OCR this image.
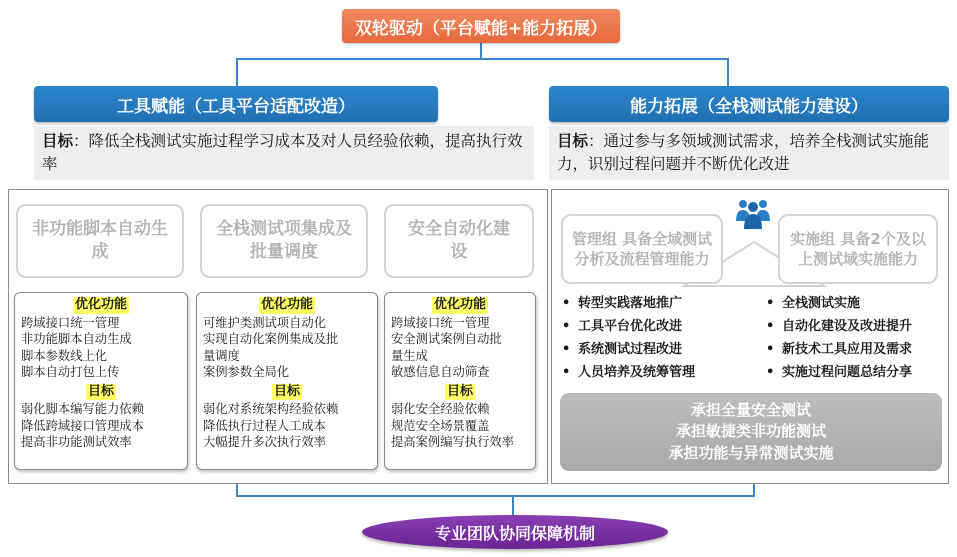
双轮驱动（平台赋能+能力拓展）
工具赋能（工具平台适配改造）
目标：降低全栈测试实施过程学习成本及对人员经验依赖，提高执行效率
非功能脚本自动生成
全栈测试项集成及批量调度
安全自动化建设
优化功能
跨域接口统一管理
非功能脚本自动生成
脚本参数线上化
脚本自动打包上传
目标
弱化脚本编写能力依赖
降低跨域接口管理成本
提高非功能测试效率
优化功能
可维护类测试项自动化
实现自动化案例集成及批
量调度
案例参数全局化
目标
弱化对系统架构经验依赖
降低执行过程人工成本
大幅提升多次执行效率
优化功能
跨域接口统一管理
安全测试案例自动批
量生成
敏感信息自动筛查
目标
弱化安全经验依赖
规范安全场景覆盖
提高案例编写执行效率
能力拓展（全栈测试能力建设）
目标：通过参与多领域测试需求，培养全栈测试实施能力，识别过程问题并不断优化改进
管理组 具备全域测试分析及流程管理能力
实施组 具备2个及以上测试域实施能力
• 转型实践落地推广
• 工具平台优化改进
• 系统测试过程改进
• 人员培养及统筹管理
• 全栈测试实施
• 自动化建设及改进提升
• 新技术工具应用及需求
• 实施过程问题总结分享
承担全量安全测试
承担敏捷类非功能测试
承担功能与异常测试实施
专业团队协同保障机制
